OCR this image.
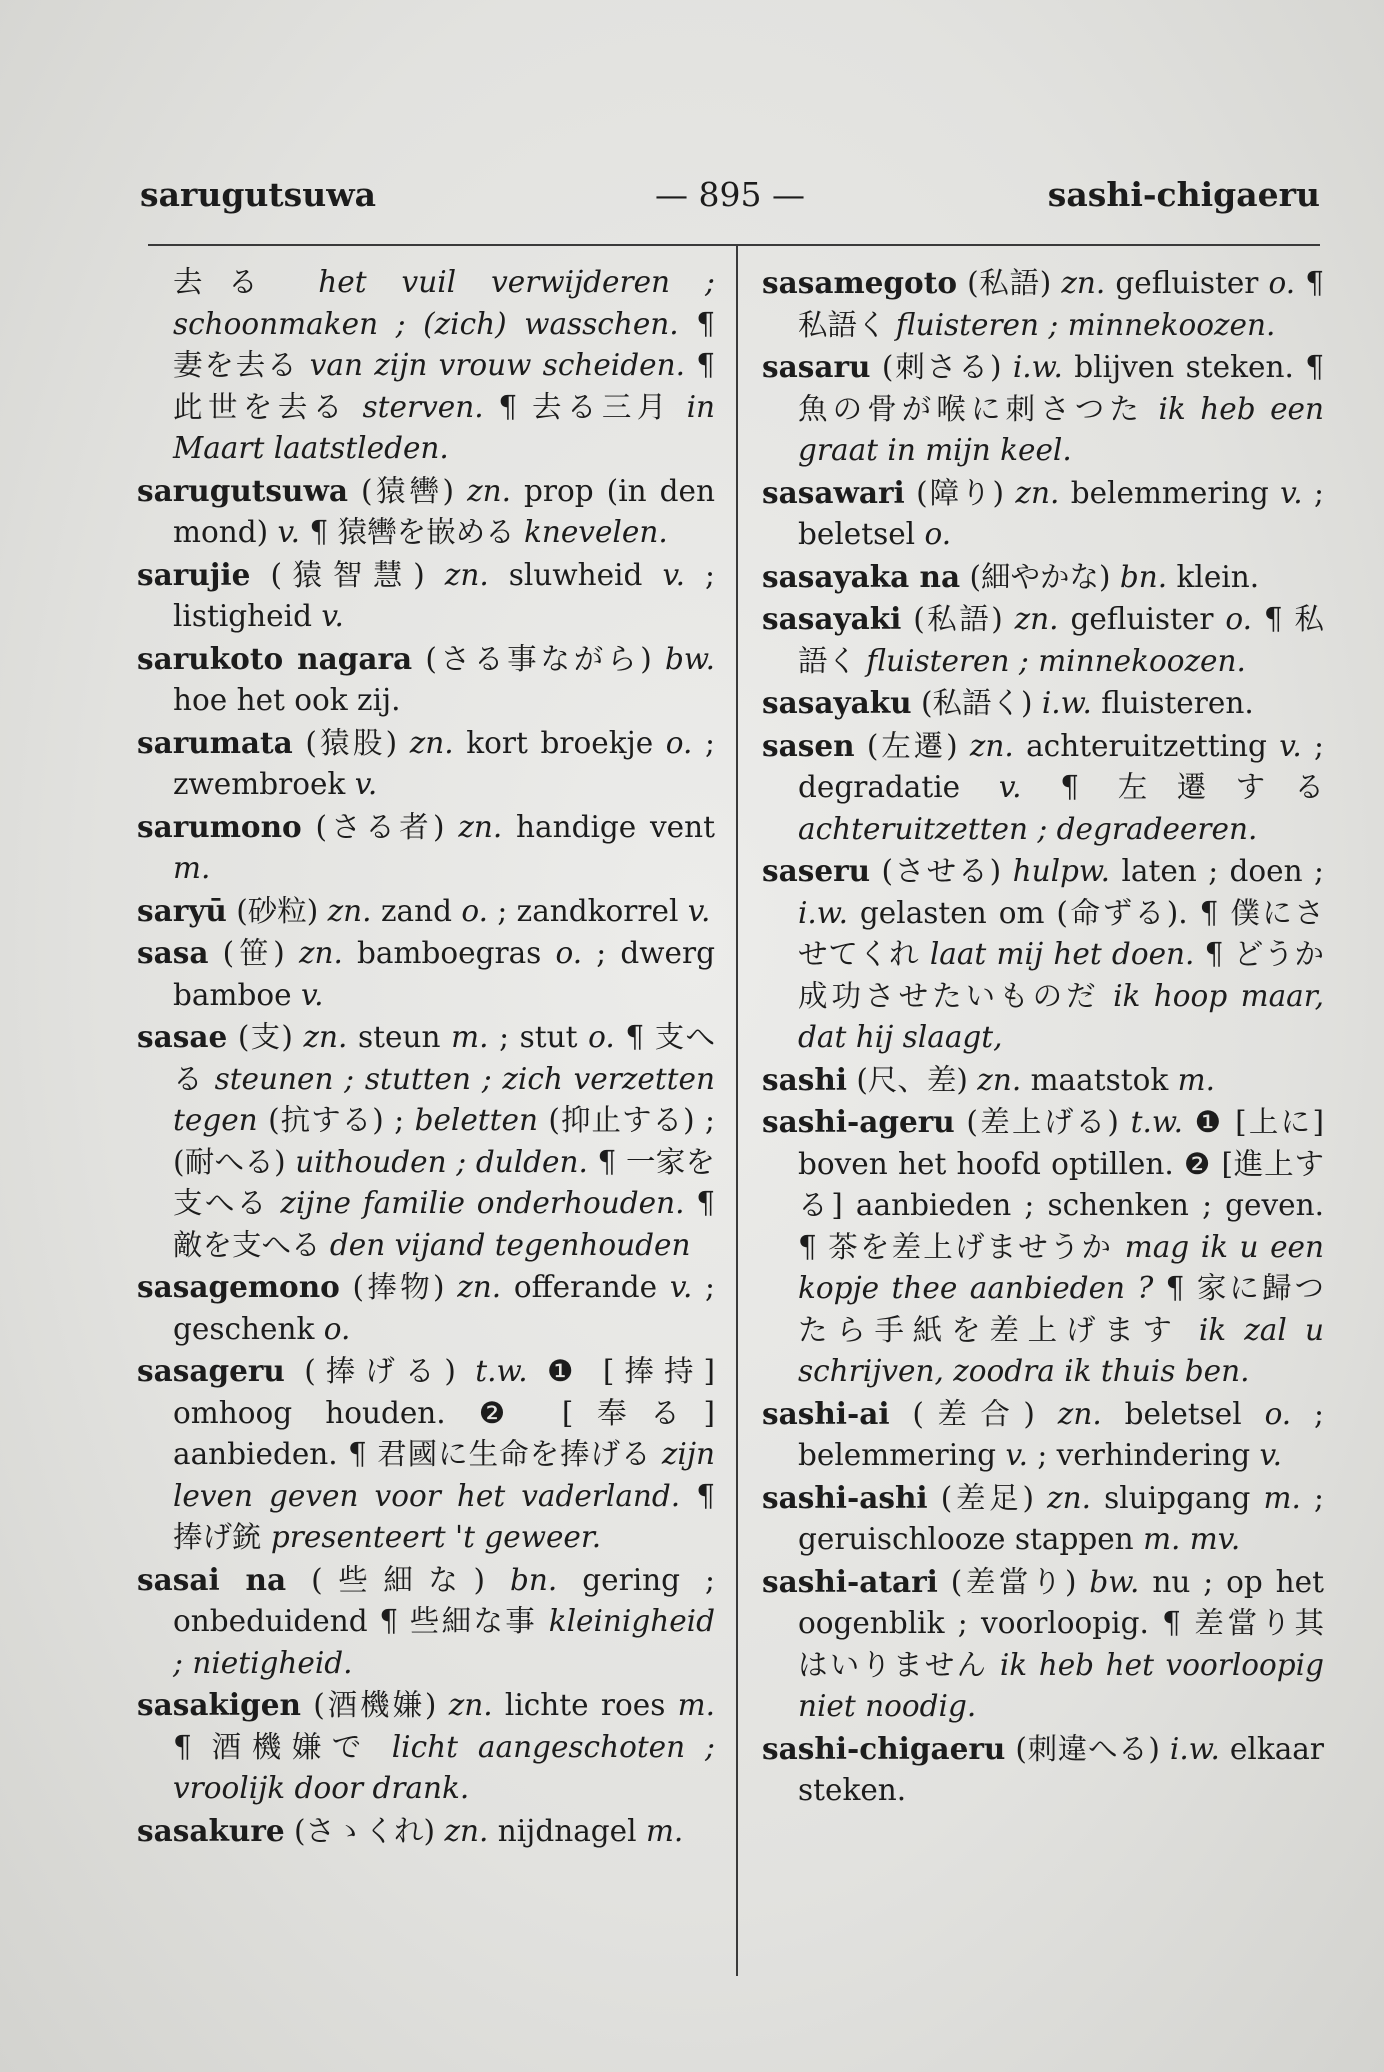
— 895 —
sarugutsuwa	sashi-chigaeru

去る het vuil verwijderen ; schoonmaken ; (zich) wasschen. ¶ 妻を去る van zijn vrouw scheiden. ¶ 此世を去る sterven. ¶ 去る三月 in Maart laatstleden.

sarugutsuwa (猿轡) zn. prop (in den mond) v. ¶ 猿轡を嵌める knevelen.

sarujie (猿智慧) zn. sluwheid v. ; listigheid v.

sarukoto nagara (さる事ながら) bw. hoe het ook zij.

sarumata (猿股) zn. kort broekje o. ; zwembroek v.

sarumono (さる者) zn. handige vent m.

saryū (砂粒) zn. zand o. ; zandkorrel v.

sasa (笹) zn. bamboegras o. ; dwerg bamboe v.

sasae (支) zn. steun m. ; stut o. ¶ 支へる steunen ; stutten ; zich verzetten tegen (抗する) ; beletten (抑止する) ; (耐へる) uithouden ; dulden. ¶ 一家を支へる zijne familie onderhouden. ¶ 敵を支へる den vijand tegenhouden

sasagemono (捧物) zn. offerande v. ; geschenk o.

sasageru (捧げる) t.w. ❶ [捧持] omhoog houden. ❷ [奉る] aanbieden. ¶ 君國に生命を捧げる zijn leven geven voor het vaderland. ¶ 捧げ銃 presenteert 't geweer.

sasai na (些細な) bn. gering ; onbeduidend ¶ 些細な事 kleinigheid ; nietigheid.

sasakigen (酒機嫌) zn. lichte roes m. ¶ 酒機嫌で licht aangeschoten ; vroolijk door drank.

sasakure (さゝくれ) zn. nijdnagel m.

sasamegoto (私語) zn. gefluister o. ¶ 私語く fluisteren ; minnekoozen.

sasaru (刺さる) i.w. blijven steken. ¶ 魚の骨が喉に刺さつた ik heb een graat in mijn keel.

sasawari (障り) zn. belemmering v. ; beletsel o.

sasayaka na (細やかな) bn. klein.

sasayaki (私語) zn. gefluister o. ¶ 私語く fluisteren ; minnekoozen.

sasayaku (私語く) i.w. fluisteren.

sasen (左遷) zn. achteruitzetting v. ; degradatie v. ¶ 左遷する achteruitzetten ; degradeeren.

saseru (させる) hulpw. laten ; doen ; i.w. gelasten om (命ずる). ¶ 僕にさせてくれ laat mij het doen. ¶ どうか成功させたいものだ ik hoop maar, dat hij slaagt,

sashi (尺、差) zn. maatstok m.

sashi-ageru (差上げる) t.w. ❶ [上に] boven het hoofd optillen. ❷ [進上する] aanbieden ; schenken ; geven. ¶ 茶を差上げませうか mag ik u een kopje thee aanbieden ? ¶ 家に歸つたら手紙を差上げます ik zal u schrijven, zoodra ik thuis ben.

sashi-ai (差合) zn. beletsel o. ; belemmering v. ; verhindering v.

sashi-ashi (差足) zn. sluipgang m. ; geruischlooze stappen m. mv.

sashi-atari (差當り) bw. nu ; op het oogenblik ; voorloopig. ¶ 差當り其はいりません ik heb het voorloopig niet noodig.

sashi-chigaeru (刺違へる) i.w. elkaar steken.
